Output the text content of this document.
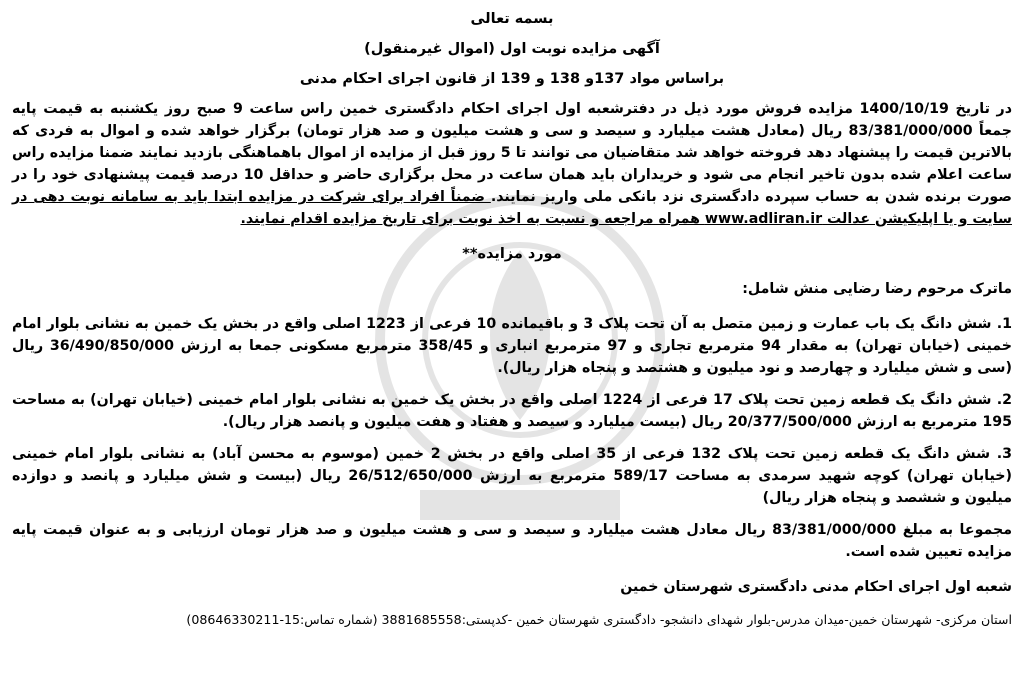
بسمه تعالی

آگهی مزایده نوبت اول (اموال غیرمنقول)

براساس مواد 137و 138 و 139 از قانون اجرای احکام مدنی

در تاریخ 1400/10/19 مزایده فروش مورد ذیل در دفترشعبه اول اجرای احکام دادگستری خمین راس ساعت 9 صبح روز یکشنبه به قیمت پایه جمعاً 83/381/000/000 ریال (معادل هشت میلیارد و سیصد و سی و هشت میلیون و صد هزار تومان) برگزار خواهد شده و اموال به فردی که بالاترین قیمت را پیشنهاد دهد فروخته خواهد شد متقاضیان می توانند تا 5 روز قبل از مزایده از اموال باهماهنگی بازدید نمایند ضمنا مزایده راس ساعت اعلام شده بدون تاخیر انجام می شود و خریداران باید همان ساعت در محل برگزاری حاضر و حداقل 10 درصد قیمت پیشنهادی خود را در صورت برنده شدن به حساب سپرده دادگستری نزد بانکی ملی واریز نمایند. ضمناً افراد برای شرکت در مزایده ابتدا باید به سامانه نوبت دهی در سایت و یا اپلیکیشن عدالت www.adliran.ir همراه مراجعه و نسبت به اخذ نوبت برای تاریخ مزایده اقدام نمایند.

مورد مزایده**

ماترک مرحوم رضا رضایی منش شامل:

1. شش دانگ یک باب عمارت و زمین متصل به آن تحت پلاک 3 و باقیمانده 10 فرعی از 1223 اصلی واقع در بخش یک خمین به نشانی بلوار امام خمینی (خیابان تهران) به مقدار 94 مترمربع تجاری و 97 مترمربع انباری و 358/45 مترمربع مسکونی جمعا به ارزش 36/490/850/000 ریال (سی و شش میلیارد و چهارصد و نود میلیون و هشتصد و پنجاه هزار ریال).

2. شش دانگ یک قطعه زمین تحت پلاک 17 فرعی از 1224 اصلی واقع در بخش یک خمین به نشانی بلوار امام خمینی (خیابان تهران) به مساحت 195 مترمربع به ارزش 20/377/500/000 ریال (بیست میلیارد و سیصد و هفتاد و هفت میلیون و پانصد هزار ریال).

3. شش دانگ یک قطعه زمین تحت پلاک 132 فرعی از 35 اصلی واقع در بخش 2 خمین (موسوم به محسن آباد) به نشانی بلوار امام خمینی (خیابان تهران) کوچه شهید سرمدی به مساحت 589/17 مترمربع به ارزش 26/512/650/000 ریال (بیست و شش میلیارد و پانصد و دوازده میلیون و ششصد و پنجاه هزار ریال)

مجموعا به مبلغ 83/381/000/000 ریال معادل هشت میلیارد و سیصد و سی و هشت میلیون و صد هزار تومان ارزیابی و به عنوان قیمت پایه مزایده تعیین شده است.

شعبه اول اجرای احکام مدنی دادگستری شهرستان خمین

استان مرکزی- شهرستان خمین-میدان مدرس-بلوار شهدای دانشجو- دادگستری شهرستان خمین -کدپستی:3881685558 (شماره تماس:15-08646330211)
